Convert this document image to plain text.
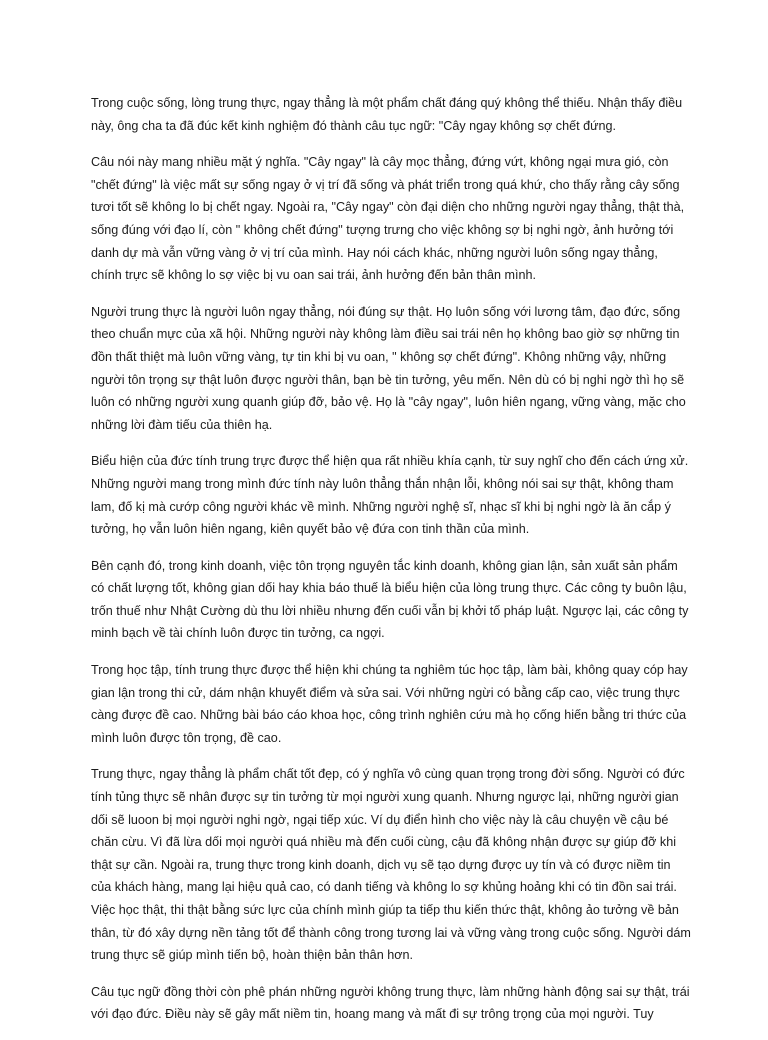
Trong cuộc sống, lòng trung thực, ngay thẳng là một phẩm chất đáng quý không thể thiếu. Nhận thấy điều này, ông cha ta đã đúc kết kinh nghiệm đó thành câu tục ngữ: "Cây ngay không sợ chết đứng.

Câu nói này mang nhiều mặt ý nghĩa. "Cây ngay" là cây mọc thẳng, đứng vứt, không ngại mưa gió, còn "chết đứng" là việc mất sự sống ngay ở vị trí đã sống và phát triển trong quá khứ, cho thấy rằng cây sống tươi tốt sẽ không lo bị chết ngay. Ngoài ra, "Cây ngay" còn đại diện cho những người ngay thẳng, thật thà, sống đúng với đạo lí, còn " không chết đứng" tượng trưng cho việc không sợ bị nghi ngờ, ảnh hưởng tới danh dự mà vẫn vững vàng ở vị trí của mình. Hay nói cách khác, những người luôn sống ngay thẳng, chính trực sẽ không lo sợ việc bị vu oan sai trái, ảnh hưởng đến bản thân mình.

Người trung thực là người luôn ngay thẳng, nói đúng sự thật. Họ luôn sống với lương tâm, đạo đức, sống theo chuẩn mực của xã hội. Những người này không làm điều sai trái nên họ không bao giờ sợ những tin đồn thất thiệt mà luôn vững vàng, tự tin khi bị vu oan, " không sợ chết đứng". Không những vậy, những người tôn trọng sự thật luôn được người thân, bạn bè tin tưởng, yêu mến. Nên dù có bị nghi ngờ thì họ sẽ luôn có những người xung quanh giúp đỡ, bảo vệ. Họ là "cây ngay", luôn hiên ngang, vững vàng, mặc cho những lời đàm tiếu của thiên hạ.

Biểu hiện của đức tính trung trực được thể hiện qua rất nhiều khía cạnh, từ suy nghĩ cho đến cách ứng xử. Những người mang trong mình đức tính này luôn thẳng thắn nhận lỗi, không nói sai sự thật, không tham lam, đố kị mà cướp công người khác về mình. Những người nghệ sĩ, nhạc sĩ khi bị nghi ngờ là ăn cắp ý tưởng, họ vẫn luôn hiên ngang, kiên quyết bảo vệ đứa con tinh thần của mình.

Bên cạnh đó, trong kinh doanh, việc tôn trọng nguyên tắc kinh doanh, không gian lận, sản xuất sản phẩm có chất lượng tốt, không gian dối hay khia báo thuế là biểu hiện của lòng trung thực. Các công ty buôn lậu, trốn thuế như Nhật Cường dù thu lời nhiều nhưng đến cuối vẫn bị khởi tố pháp luật. Ngược lại, các công ty minh bạch về tài chính luôn được tin tưởng, ca ngợi.

Trong học tập, tính trung thực được thể hiện khi chúng ta nghiêm túc học tập, làm bài, không quay cóp hay gian lận trong thi cử, dám nhận khuyết điểm và sửa sai. Với những ngừi có bằng cấp cao, việc trung thực càng được đề cao. Những bài báo cáo khoa học, công trình nghiên cứu mà họ cống hiến bằng tri thức của mình luôn được tôn trọng, đề cao.

Trung thực, ngay thẳng là phẩm chất tốt đẹp, có ý nghĩa vô cùng quan trọng trong đời sống. Người có đức tính tủng thực sẽ nhân được sự tin tưởng từ mọi người xung quanh. Nhưng ngược lại, những người gian dối sẽ luoon bị mọi người nghi ngờ, ngại tiếp xúc. Ví dụ điển hình cho việc này là câu chuyện về cậu bé chăn cừu. Vì đã lừa dối mọi người quá nhiều mà đến cuối cùng, cậu đã không nhận được sự giúp đỡ khi thật sự cần. Ngoài ra, trung thực trong kinh doanh, dịch vụ sẽ tạo dựng được uy tín và có được niềm tin của khách hàng, mang lại hiệu quả cao, có danh tiếng và không lo sợ khủng hoảng khi có tin đồn sai trái. Việc học thật, thi thật bằng sức lực của chính mình giúp ta tiếp thu kiến thức thật, không ảo tưởng về bản thân, từ đó xây dựng nền tảng tốt để thành công trong tương lai và vững vàng trong cuộc sống. Người dám trung thực sẽ giúp mình tiến bộ, hoàn thiện bản thân hơn.

Câu tục ngữ đồng thời còn phê phán những người không trung thực, làm những hành động sai sự thật, trái với đạo đức. Điều này sẽ gây mất niềm tin, hoang mang và mất đi sự trông trọng của mọi người. Tuy
